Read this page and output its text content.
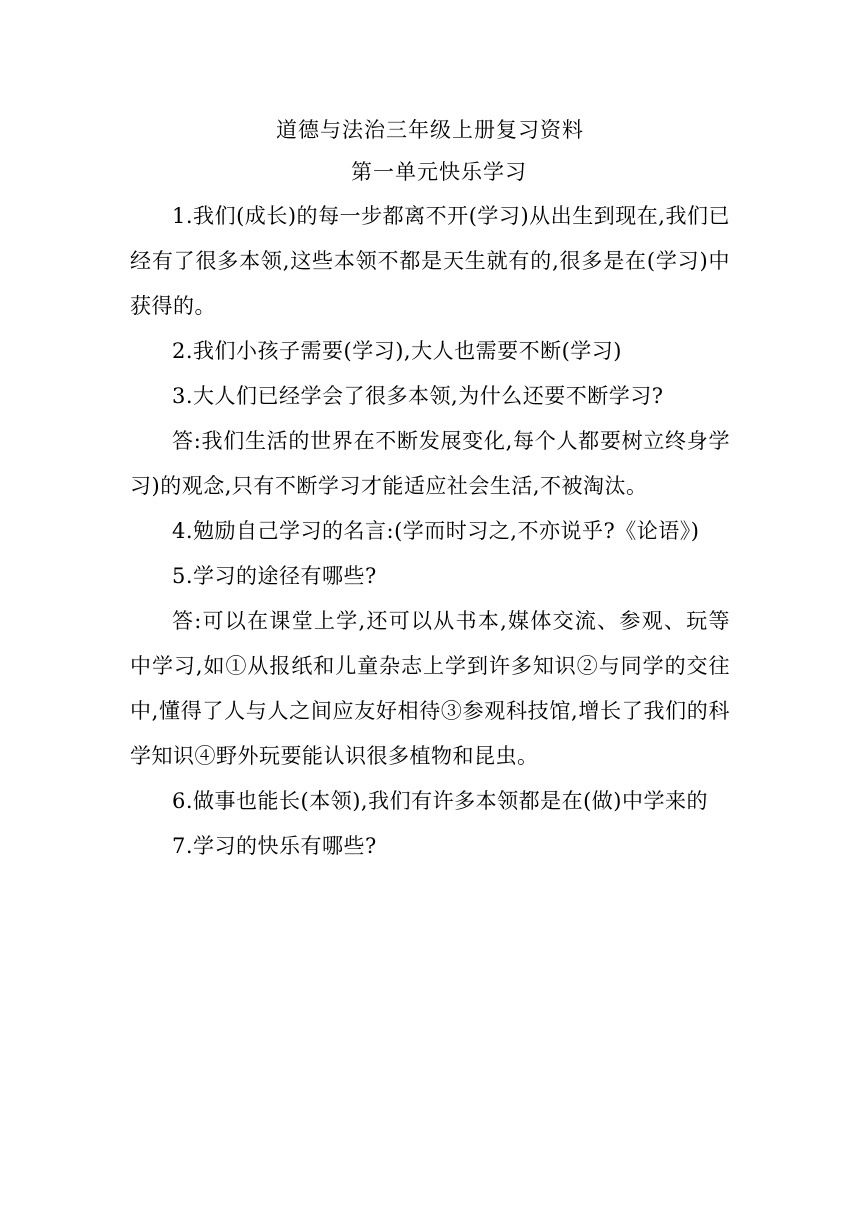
道德与法治三年级上册复习资料
第一单元快乐学习

1.我们(成长)的每一步都离不开(学习)从出生到现在,我们已经有了很多本领,这些本领不都是天生就有的,很多是在(学习)中获得的。

2.我们小孩子需要(学习),大人也需要不断(学习)

3.大人们已经学会了很多本领,为什么还要不断学习?

答:我们生活的世界在不断发展变化,每个人都要树立终身学习)的观念,只有不断学习才能适应社会生活,不被淘汰。

4.勉励自己学习的名言:(学而时习之,不亦说乎?《论语》)

5.学习的途径有哪些?

答:可以在课堂上学,还可以从书本,媒体交流、参观、玩等中学习,如①从报纸和儿童杂志上学到许多知识②与同学的交往中,懂得了人与人之间应友好相待③参观科技馆,增长了我们的科学知识④野外玩要能认识很多植物和昆虫。

6.做事也能长(本领),我们有许多本领都是在(做)中学来的

7.学习的快乐有哪些?
